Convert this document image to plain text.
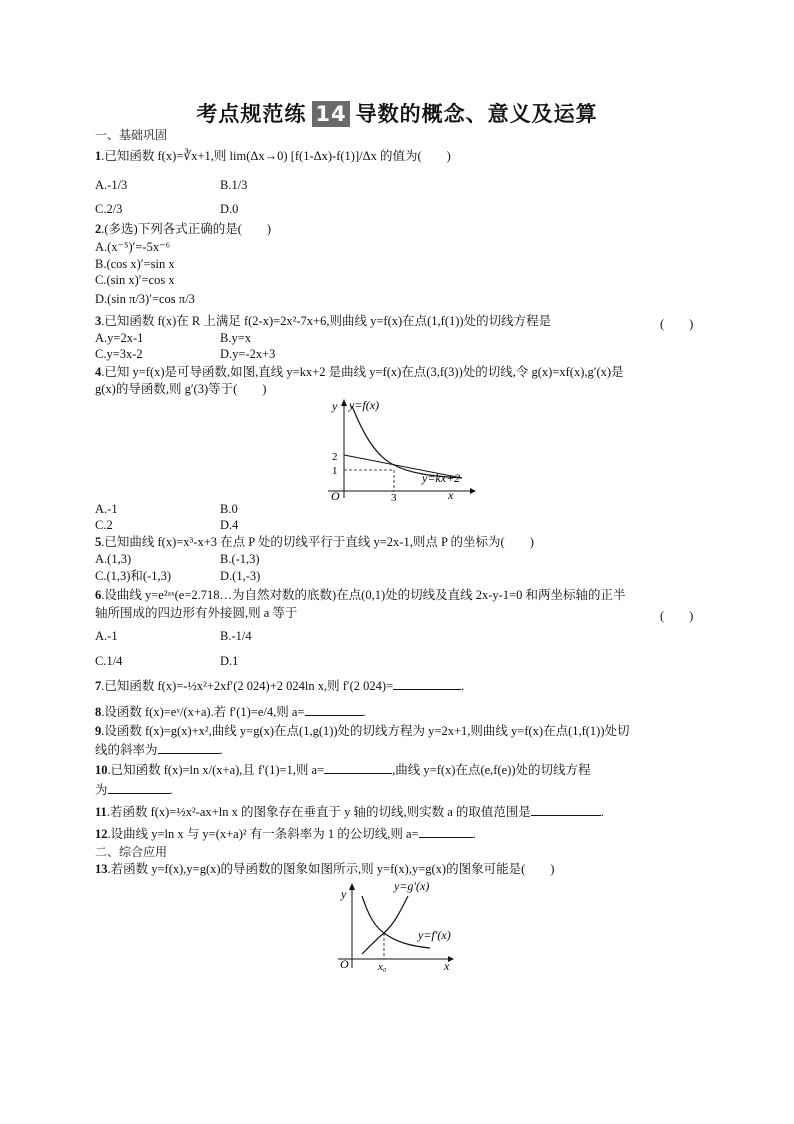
考点规范练 14 导数的概念、意义及运算
一、基础巩固
1.已知函数 f(x)=∛x+1,则 lim(Δx→0) [f(1-Δx)-f(1)]/Δx 的值为(　　)
A.-1/3	B.1/3
C.2/3	D.0
2.(多选)下列各式正确的是(　　)
A.(x⁻⁵)′=-5x⁻⁶
B.(cos x)′=sin x
C.(sin x)′=cos x
D.(sin π/3)′=cos π/3
3.已知函数 f(x)在 R 上满足 f(2-x)=2x²-7x+6,则曲线 y=f(x)在点(1,f(1))处的切线方程是	(　　)
A.y=2x-1	B.y=x
C.y=3x-2	D.y=-2x+3
4.已知 y=f(x)是可导函数,如图,直线 y=kx+2 是曲线 y=f(x)在点(3,f(3))处的切线,令 g(x)=xf(x),g′(x)是
g(x)的导函数,则 g′(3)等于(　　)
y y=f(x)
y=kx+2
2
1
O	3	x
A.-1	B.0
C.2	D.4
5.已知曲线 f(x)=x³-x+3 在点 P 处的切线平行于直线 y=2x-1,则点 P 的坐标为(　　)
A.(1,3)	B.(-1,3)
C.(1,3)和(-1,3)	D.(1,-3)
6.设曲线 y=e²ᵃˣ(e=2.718…为自然对数的底数)在点(0,1)处的切线及直线 2x-y-1=0 和两坐标轴的正半
轴所围成的四边形有外接圆,则 a 等于	(　　)
A.-1	B.-1/4
C.1/4	D.1
7.已知函数 f(x)=-½x²+2xf′(2 024)+2 024ln x,则 f′(2 024)=	.
8.设函数 f(x)=eˣ/(x+a).若 f′(1)=e/4,则 a=	.
9.设函数 f(x)=g(x)+x²,曲线 y=g(x)在点(1,g(1))处的切线方程为 y=2x+1,则曲线 y=f(x)在点(1,f(1))处切
线的斜率为	.
10.已知函数 f(x)=ln x/(x+a),且 f′(1)=1,则 a=	,曲线 y=f(x)在点(e,f(e))处的切线方程
为	.
11.若函数 f(x)=½x²-ax+ln x 的图象存在垂直于 y 轴的切线,则实数 a 的取值范围是	.
12.设曲线 y=ln x 与 y=(x+a)² 有一条斜率为 1 的公切线,则 a=	.
二、综合应用
13.若函数 y=f(x),y=g(x)的导函数的图象如图所示,则 y=f(x),y=g(x)的图象可能是(　　)
y
y=g′(x)
y=f′(x)
O	x₀	x
